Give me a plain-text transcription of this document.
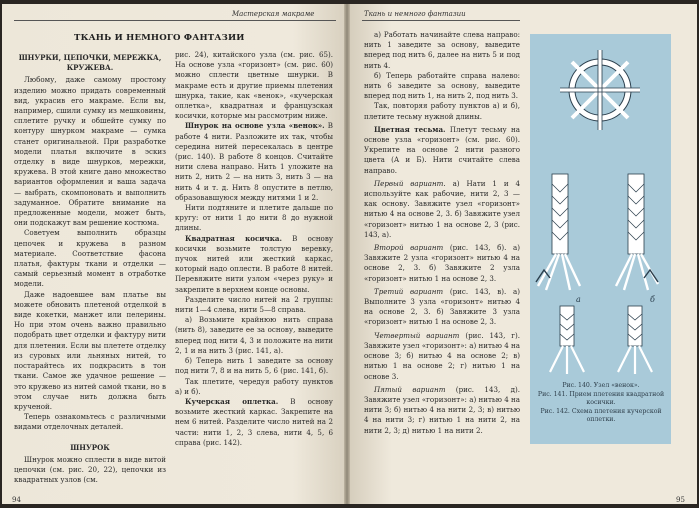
Мастерская макраме
ТКАНЬ И НЕМНОГО ФАНТАЗИИ
ШНУРКИ, ЦЕПОЧКИ, МЕРЕЖКА, КРУЖЕВА.

Любому, даже самому простому изделию можно придать современный вид, украсив его макраме. Если вы, например, сшили сумку из мешковины, сплетите ручку и обшейте сумку по контуру шнурком макраме — сумка станет оригинальной. При разработке модели платья включите в эскиз отделку в виде шнурков, мережки, кружева. В этой книге дано множество вариантов оформления и ваша задача — выбрать, скомпоновать и выполнить задуманное. Обратите внимание на предложенные модели, может быть, они подскажут вам решение костюма.

Советуем выполнить образцы цепочек и кружева в разном материале. Соответствие фасона платья, фактуры ткани и отделки — самый серьезный момент в отработке модели.

Даже надоевшее вам платье вы можете обновить плетеной отделкой в виде кокетки, манжет или пелерины. Но при этом очень важно правильно подобрать цвет отделки и фактуру нити для плетения. Если вы плетете отделку из суровых или льняных нитей, то постарайтесь их подкрасить в тон ткани. Самое же удачное решение — это кружево из нитей самой ткани, но в этом случае нить должна быть крученой.

Теперь ознакомьтесь с различными видами отделочных деталей.

ШНУРОК

Шнурок можно сплести в виде витой цепочки (см. рис. 20, 22), цепочки из квадратных узлов (см.

рис. 24), китайского узла (см. рис. 65). На основе узла «горизонт» (см. рис. 60) можно сплести цветные шнурки. В макраме есть и другие приемы плетения шнурка, такие, как «венок», «кучерская оплетка», квадратная и французская косички, которые мы рассмотрим ниже.

Шнурок на основе узла «венок». В работе 4 нити. Разложите их так, чтобы середина нитей пересекалась в центре (рис. 140). В работе 8 концов. Считайте нити слева направо. Нить 1 уложите на нить 2, нить 2 — на нить 3, нить 3 — на нить 4 и т. д. Нить 8 опустите в петлю, образовавшуюся между нитями 1 и 2.

Нити подтяните и плетите дальше по кругу: от нити 1 до нити 8 до нужной длины.

Квадратная косичка. В основу косички возьмите толстую веревку, пучок нитей или жесткий каркас, который надо оплести. В работе 8 нитей. Перевяжите нити узлом «через руку» и закрепите в верхнем конце основы.

Разделите число нитей на 2 группы: нити 1—4 слева, нити 5—8 справа.

а) Возьмите крайнюю нить справа (нить 8), заведите ее за основу, выведите вперед под нити 4, 3 и положите на нити 2, 1 и на нить 3 (рис. 141, а).

б) Теперь нить 1 заведите за основу под нити 7, 8 и на нить 5, 6 (рис. 141, б).

Так плетите, чередуя работу пунктов а) и б).

Кучерская оплетка. В основу возьмите жесткий каркас. Закрепите на нем 6 нитей. Разделите число нитей на 2 части: нити 1, 2, 3 слева, нити 4, 5, 6 справа (рис. 142).

94
Ткань и немного фантазии

а) Работать начинайте слева направо: нить 1 заведите за основу, выведите вперед под нить 6, далее на нить 5 и под нить 4.

б) Теперь работайте справа налево: нить 6 заведите за основу, выведите вперед под нить 1, на нить 2, под нить 3.

Так, повторяя работу пунктов а) и б), плетите тесьму нужной длины.

Цветная тесьма. Плетут тесьму на основе узла «горизонт» (см. рис. 60). Укрепите на основе 2 нити разного цвета (А и Б). Нити считайте слева направо.

Первый вариант. а) Нати 1 и 4 используйте как рабочие, нити 2, 3 — как основу. Завяжите узел «горизонт» нитью 4 на основе 2, 3. б) Завяжите узел «горизонт» нитью 1 на основе 2, 3 (рис. 143, а).

Второй вариант (рис. 143, б). а) Завяжите 2 узла «горизонт» нитью 4 на основе 2, 3. б) Завяжите 2 узла «горизонт» нитью 1 на основе 2, 3.

Третий вариант (рис. 143, в). а) Выполните 3 узла «горизонт» нитью 4 на основе 2, 3. б) Завяжите 3 узла «горизонт» нитью 1 на основе 2, 3.

Четвертый вариант (рис. 143, г). Завяжите узел «горизонт»: а) нитью 4 на основе 3; б) нитью 4 на основе 2; в) нитью 1 на основе 2; г) нитью 1 на основе 3.

Пятый вариант (рис. 143, д). Завяжите узел «горизонт»: а) нитью 4 на нити 3; б) нитью 4 на нити 2, 3; в) нитью 4 на нити 3; г) нитью 1 на нити 2, на нити 2, 3; д) нитью 1 на нити 2.

а	б
Рис. 140. Узел «венок».
Рис. 141. Прием плетения квадратной косички.
Рис. 142. Схема плетения кучерской оплетки.
95
